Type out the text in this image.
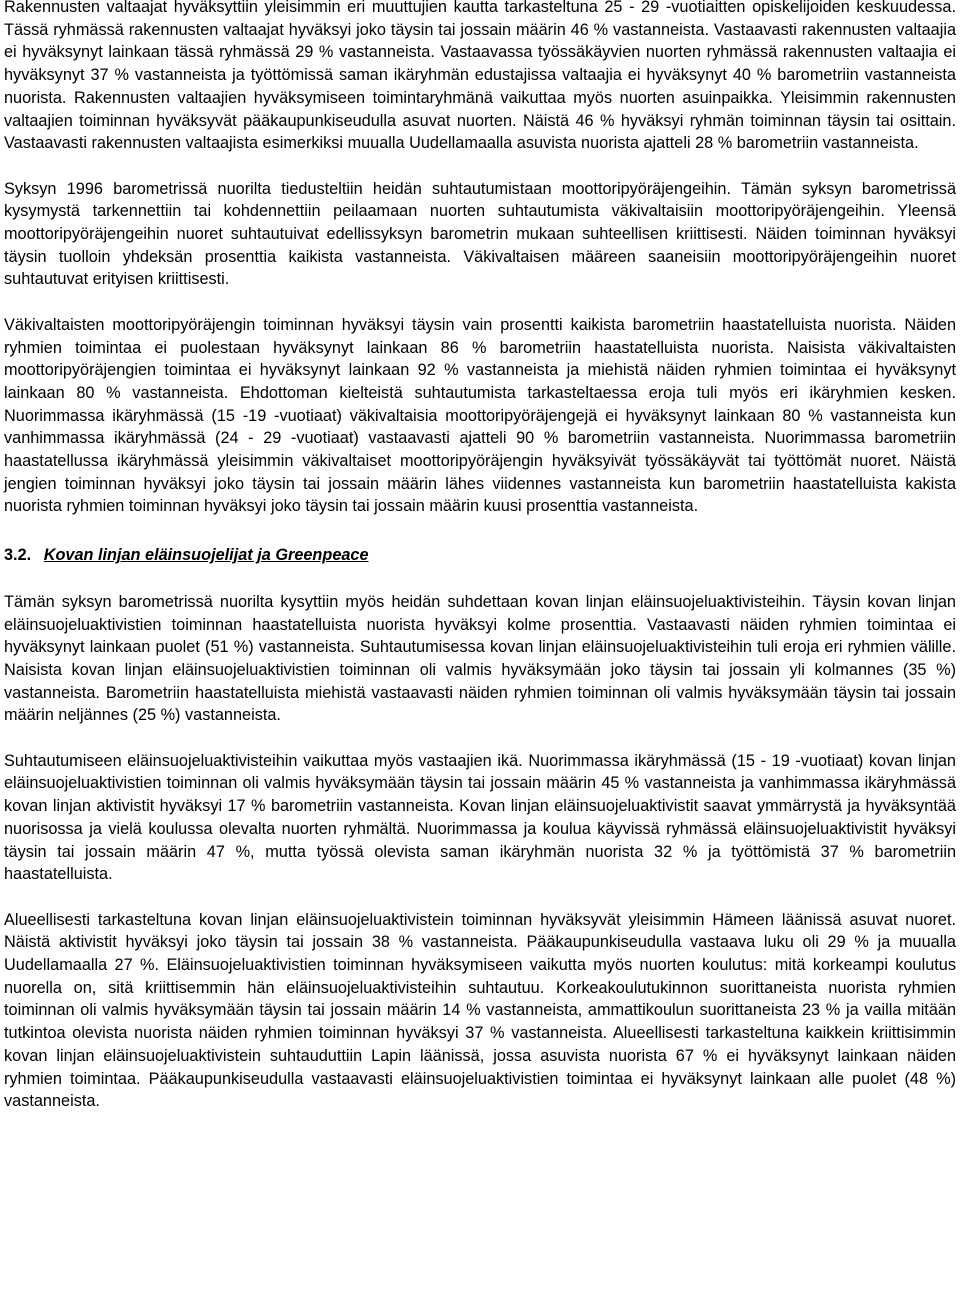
Rakennusten valtaajat hyväksyttiin yleisimmin eri muuttujien kautta tarkasteltuna 25 - 29 -vuotiaitten opiskelijoiden keskuudessa. Tässä ryhmässä rakennusten valtaajat hyväksyi joko täysin tai jossain määrin 46 % vastanneista. Vastaavasti rakennusten valtaajia ei hyväksynyt lainkaan tässä ryhmässä 29 % vastanneista. Vastaavassa työssäkäyvien nuorten ryhmässä rakennusten valtaajia ei hyväksynyt 37 % vastanneista ja työttömissä saman ikäryhmän edustajissa valtaajia ei hyväksynyt 40 % barometriin vastanneista nuorista. Rakennusten valtaajien hyväksymiseen toimintaryhmänä vaikuttaa myös nuorten asuinpaikka. Yleisimmin rakennusten valtaajien toiminnan hyväksyvät pääkaupunkiseudulla asuvat nuorten. Näistä 46 % hyväksyi ryhmän toiminnan täysin tai osittain. Vastaavasti rakennusten valtaajista esimerkiksi muualla Uudellamaalla asuvista nuorista ajatteli 28 % barometriin vastanneista.

Syksyn 1996 barometrissä nuorilta tiedusteltiin heidän suhtautumistaan moottoripyöräjengeihin. Tämän syksyn barometrissä kysymystä tarkennettiin tai kohdennettiin peilaamaan nuorten suhtautumista väkivaltaisiin moottoripyöräjengeihin. Yleensä moottoripyöräjengeihin nuoret suhtautuivat edellissyksyn barometrin mukaan suhteellisen kriittisesti. Näiden toiminnan hyväksyi täysin tuolloin yhdeksän prosenttia kaikista vastanneista. Väkivaltaisen määreen saaneisiin moottoripyöräjengeihin nuoret suhtautuvat erityisen kriittisesti.

Väkivaltaisten moottoripyöräjengin toiminnan hyväksyi täysin vain prosentti kaikista barometriin haastatelluista nuorista. Näiden ryhmien toimintaa ei puolestaan hyväksynyt lainkaan 86 % barometriin haastatelluista nuorista. Naisista väkivaltaisten moottoripyöräjengien toimintaa ei hyväksynyt lainkaan 92 % vastanneista ja miehistä näiden ryhmien toimintaa ei hyväksynyt lainkaan 80 % vastanneista. Ehdottoman kielteistä suhtautumista tarkasteltaessa eroja tuli myös eri ikäryhmien kesken. Nuorimmassa ikäryhmässä (15 -19 -vuotiaat) väkivaltaisia moottoripyöräjengejä ei hyväksynyt lainkaan 80 % vastanneista kun vanhimmassa ikäryhmässä (24 - 29 -vuotiaat) vastaavasti ajatteli 90 % barometriin vastanneista. Nuorimmassa barometriin haastatellussa ikäryhmässä yleisimmin väkivaltaiset moottoripyöräjengin hyväksyivät työssäkäyvät tai työttömät nuoret. Näistä jengien toiminnan hyväksyi joko täysin tai jossain määrin lähes viidennes vastanneista kun barometriin haastatelluista kakista nuorista ryhmien toiminnan hyväksyi joko täysin tai jossain määrin kuusi prosenttia vastanneista.

3.2. Kovan linjan eläinsuojelijat ja Greenpeace

Tämän syksyn barometrissä nuorilta kysyttiin myös heidän suhdettaan kovan linjan eläinsuojeluaktivisteihin. Täysin kovan linjan eläinsuojeluaktivistien toiminnan haastatelluista nuorista hyväksyi kolme prosenttia. Vastaavasti näiden ryhmien toimintaa ei hyväksynyt lainkaan puolet (51 %) vastanneista. Suhtautumisessa kovan linjan eläinsuojeluaktivisteihin tuli eroja eri ryhmien välille. Naisista kovan linjan eläinsuojeluaktivistien toiminnan oli valmis hyväksymään joko täysin tai jossain yli kolmannes (35 %) vastanneista. Barometriin haastatelluista miehistä vastaavasti näiden ryhmien toiminnan oli valmis hyväksymään täysin tai jossain määrin neljännes (25 %) vastanneista.

Suhtautumiseen eläinsuojeluaktivisteihin vaikuttaa myös vastaajien ikä. Nuorimmassa ikäryhmässä (15 - 19 -vuotiaat) kovan linjan eläinsuojeluaktivistien toiminnan oli valmis hyväksymään täysin tai jossain määrin 45 % vastanneista ja vanhimmassa ikäryhmässä kovan linjan aktivistit hyväksyi 17 % barometriin vastanneista. Kovan linjan eläinsuojeluaktivistit saavat ymmärrystä ja hyväksyntää nuorisossa ja vielä koulussa olevalta nuorten ryhmältä. Nuorimmassa ja koulua käyvissä ryhmässä eläinsuojeluaktivistit hyväksyi täysin tai jossain määrin 47 %, mutta työssä olevista saman ikäryhmän nuorista 32 % ja työttömistä 37 % barometriin haastatelluista.

Alueellisesti tarkasteltuna kovan linjan eläinsuojeluaktivistein toiminnan hyväksyvät yleisimmin Hämeen läänissä asuvat nuoret. Näistä aktivistit hyväksyi joko täysin tai jossain 38 % vastanneista. Pääkaupunkiseudulla vastaava luku oli 29 % ja muualla Uudellamaalla 27 %. Eläinsuojeluaktivistien toiminnan hyväksymiseen vaikutta myös nuorten koulutus: mitä korkeampi koulutus nuorella on, sitä kriittisemmin hän eläinsuojeluaktivisteihin suhtautuu. Korkeakoulutukinnon suorittaneista nuorista ryhmien toiminnan oli valmis hyväksymään täysin tai jossain määrin 14 % vastanneista, ammattikoulun suorittaneista 23 % ja vailla mitään tutkintoa olevista nuorista näiden ryhmien toiminnan hyväksyi 37 % vastanneista. Alueellisesti tarkasteltuna kaikkein kriittisimmin kovan linjan eläinsuojeluaktivistein suhtauduttiin Lapin läänissä, jossa asuvista nuorista 67 % ei hyväksynyt lainkaan näiden ryhmien toimintaa. Pääkaupunkiseudulla vastaavasti eläinsuojeluaktivistien toimintaa ei hyväksynyt lainkaan alle puolet (48 %) vastanneista.
